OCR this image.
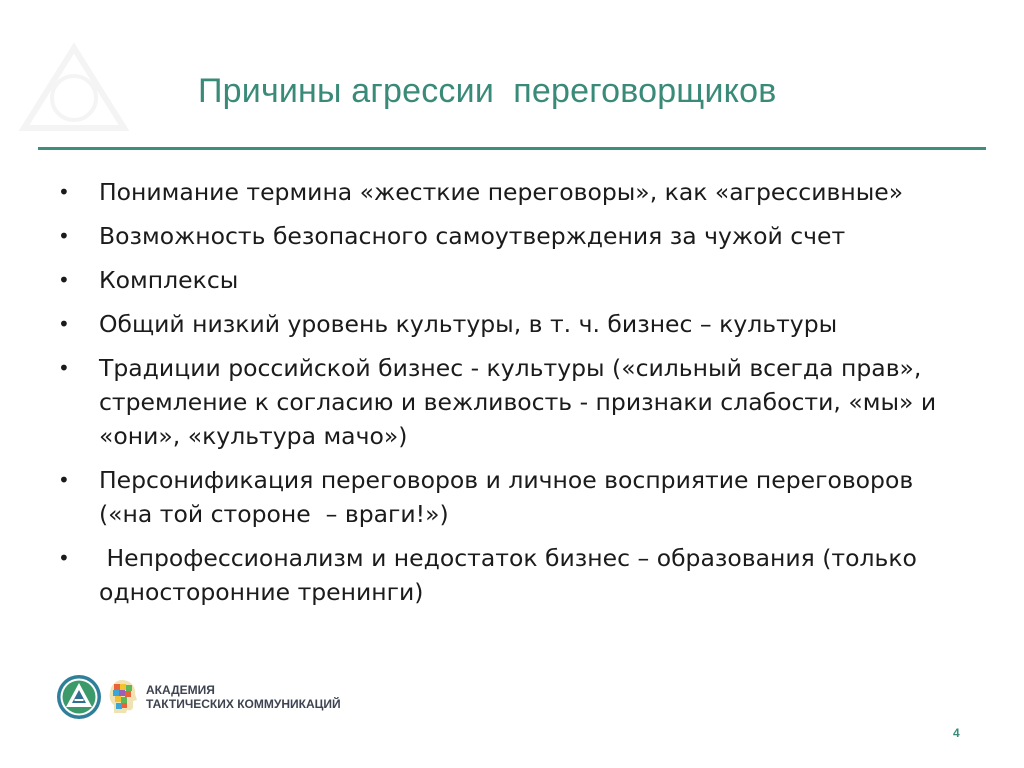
Причины агрессии  переговорщиков
• Понимание термина «жесткие переговоры», как «агрессивные»
• Возможность безопасного самоутверждения за чужой счет
• Комплексы
• Общий низкий уровень культуры, в т. ч. бизнес – культуры
• Традиции российской бизнес - культуры («сильный всегда прав», стремление к согласию и вежливость - признаки слабости, «мы» и «они», «культура мачо»)
• Персонификация переговоров и личное восприятие переговоров («на той стороне  – враги!»)
• Непрофессионализм и недостаток бизнес – образования (только односторонние тренинги)
АКАДЕМИЯ
ТАКТИЧЕСКИХ КОММУНИКАЦИЙ
4
